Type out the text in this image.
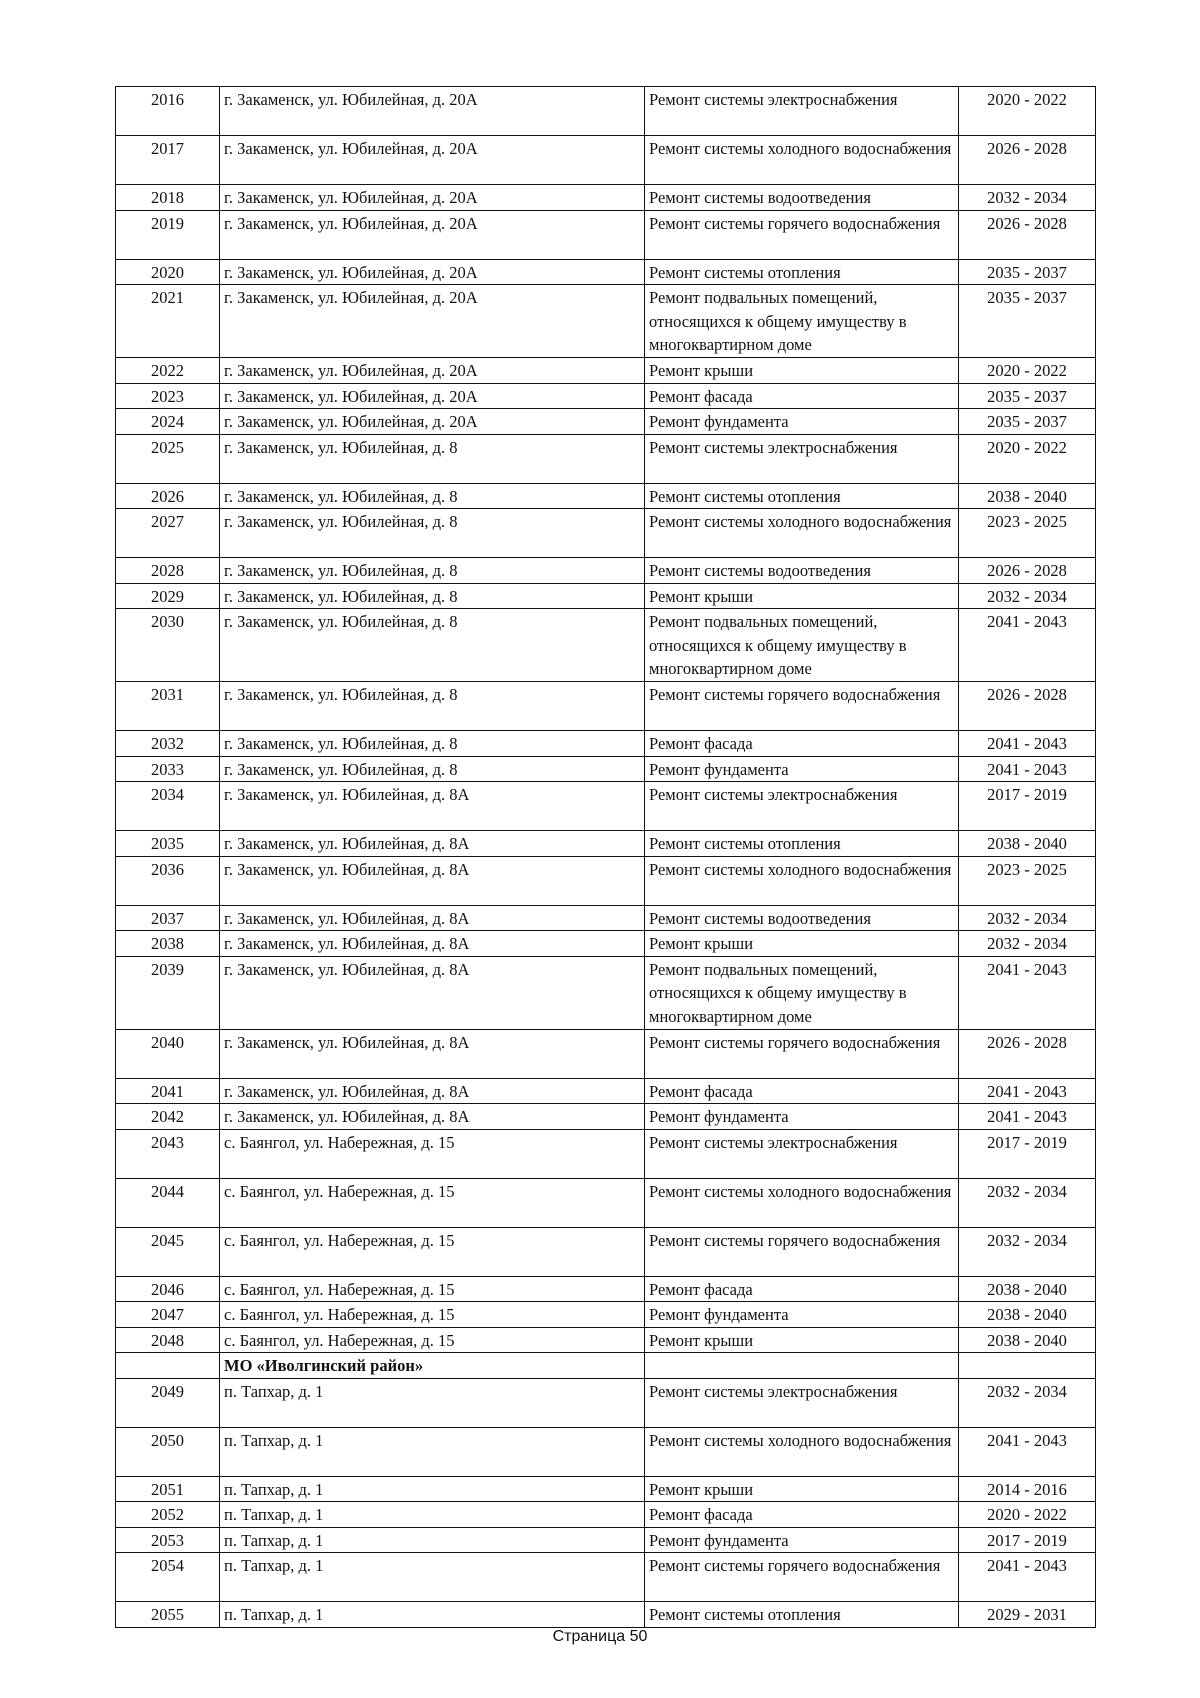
2016	г. Закаменск, ул. Юбилейная, д. 20А	Ремонт системы электроснабжения	2020 - 2022
2017	г. Закаменск, ул. Юбилейная, д. 20А	Ремонт системы холодного водоснабжения	2026 - 2028
2018	г. Закаменск, ул. Юбилейная, д. 20А	Ремонт системы водоотведения	2032 - 2034
2019	г. Закаменск, ул. Юбилейная, д. 20А	Ремонт системы горячего водоснабжения	2026 - 2028
2020	г. Закаменск, ул. Юбилейная, д. 20А	Ремонт системы отопления	2035 - 2037
2021	г. Закаменск, ул. Юбилейная, д. 20А	Ремонт подвальных помещений, относящихся к общему имуществу в многоквартирном доме	2035 - 2037
2022	г. Закаменск, ул. Юбилейная, д. 20А	Ремонт крыши	2020 - 2022
2023	г. Закаменск, ул. Юбилейная, д. 20А	Ремонт фасада	2035 - 2037
2024	г. Закаменск, ул. Юбилейная, д. 20А	Ремонт фундамента	2035 - 2037
2025	г. Закаменск, ул. Юбилейная, д. 8	Ремонт системы электроснабжения	2020 - 2022
2026	г. Закаменск, ул. Юбилейная, д. 8	Ремонт системы отопления	2038 - 2040
2027	г. Закаменск, ул. Юбилейная, д. 8	Ремонт системы холодного водоснабжения	2023 - 2025
2028	г. Закаменск, ул. Юбилейная, д. 8	Ремонт системы водоотведения	2026 - 2028
2029	г. Закаменск, ул. Юбилейная, д. 8	Ремонт крыши	2032 - 2034
2030	г. Закаменск, ул. Юбилейная, д. 8	Ремонт подвальных помещений, относящихся к общему имуществу в многоквартирном доме	2041 - 2043
2031	г. Закаменск, ул. Юбилейная, д. 8	Ремонт системы горячего водоснабжения	2026 - 2028
2032	г. Закаменск, ул. Юбилейная, д. 8	Ремонт фасада	2041 - 2043
2033	г. Закаменск, ул. Юбилейная, д. 8	Ремонт фундамента	2041 - 2043
2034	г. Закаменск, ул. Юбилейная, д. 8А	Ремонт системы электроснабжения	2017 - 2019
2035	г. Закаменск, ул. Юбилейная, д. 8А	Ремонт системы отопления	2038 - 2040
2036	г. Закаменск, ул. Юбилейная, д. 8А	Ремонт системы холодного водоснабжения	2023 - 2025
2037	г. Закаменск, ул. Юбилейная, д. 8А	Ремонт системы водоотведения	2032 - 2034
2038	г. Закаменск, ул. Юбилейная, д. 8А	Ремонт крыши	2032 - 2034
2039	г. Закаменск, ул. Юбилейная, д. 8А	Ремонт подвальных помещений, относящихся к общему имуществу в многоквартирном доме	2041 - 2043
2040	г. Закаменск, ул. Юбилейная, д. 8А	Ремонт системы горячего водоснабжения	2026 - 2028
2041	г. Закаменск, ул. Юбилейная, д. 8А	Ремонт фасада	2041 - 2043
2042	г. Закаменск, ул. Юбилейная, д. 8А	Ремонт фундамента	2041 - 2043
2043	с. Баянгол, ул. Набережная, д. 15	Ремонт системы электроснабжения	2017 - 2019
2044	с. Баянгол, ул. Набережная, д. 15	Ремонт системы холодного водоснабжения	2032 - 2034
2045	с. Баянгол, ул. Набережная, д. 15	Ремонт системы горячего водоснабжения	2032 - 2034
2046	с. Баянгол, ул. Набережная, д. 15	Ремонт фасада	2038 - 2040
2047	с. Баянгол, ул. Набережная, д. 15	Ремонт фундамента	2038 - 2040
2048	с. Баянгол, ул. Набережная, д. 15	Ремонт крыши	2038 - 2040
	МО «Иволгинский район»		
2049	п. Тапхар, д. 1	Ремонт системы электроснабжения	2032 - 2034
2050	п. Тапхар, д. 1	Ремонт системы холодного водоснабжения	2041 - 2043
2051	п. Тапхар, д. 1	Ремонт крыши	2014 - 2016
2052	п. Тапхар, д. 1	Ремонт фасада	2020 - 2022
2053	п. Тапхар, д. 1	Ремонт фундамента	2017 - 2019
2054	п. Тапхар, д. 1	Ремонт системы горячего водоснабжения	2041 - 2043
2055	п. Тапхар, д. 1	Ремонт системы отопления	2029 - 2031
Страница 50
